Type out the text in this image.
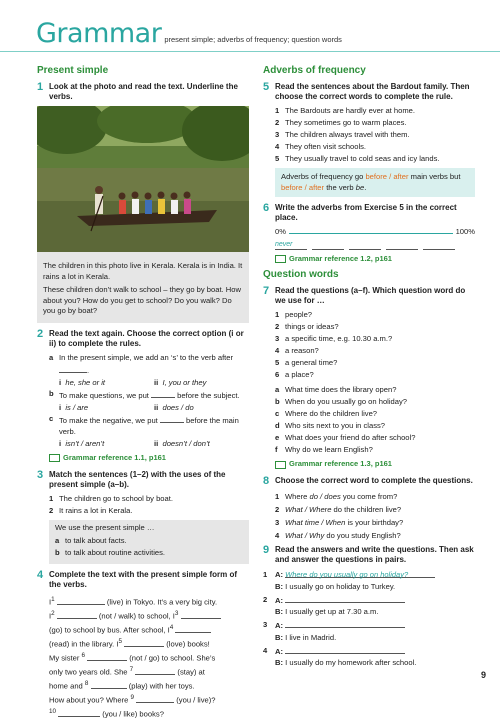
Grammar present simple; adverbs of frequency; question words
Present simple
1 Look at the photo and read the text. Underline the verbs.

The children in this photo live in Kerala. Kerala is in India. It rains a lot in Kerala.

These children don’t walk to school – they go by boat. How about you? How do you get to school? Do you walk? Do you go by boat?

2 Read the text again. Choose the correct option (i or ii) to complete the rules.
a In the present simple, we add an ‘s’ to the verb after .
i he, she or it	ii I, you or they
b To make questions, we put	before the subject.
i is / are	ii does / do
c To make the negative, we put	before the main verb.
i isn’t / aren’t	ii doesn’t / don’t
Grammar reference 1.1, p161
3 Match the sentences (1–2) with the uses of the present simple (a–b).
1 The children go to school by boat.
2 It rains a lot in Kerala.

We use the present simple …

a to talk about facts.
b to talk about routine activities.
4 Complete the text with the present simple form of the verbs.
$I^1$	(live) in Tokyo. It’s a very big city.
$I^2$	(not / walk) to school, $I^3$
(go) to school by bus. After school, $I^4$
(read) in the library. $I^5$	(love) books!
My sister $^6$	(not / go) to school. She’s
only two years old. She $^7$	(stay) at
home and $^8$	(play) with her toys.
How about you? Where $^9$	(you / live)?
$^{10}$	(you / like) books?
Adverbs of frequency
5 Read the sentences about the Bardout family. Then choose the correct words to complete the rule.
1 The Bardouts are hardly ever at home.
2 They sometimes go to warm places.
3 The children always travel with them.
4 They often visit schools.
5 They usually travel to cold seas and icy lands.
Adverbs of frequency go before / after main verbs but before / after the verb be.
6 Write the adverbs from Exercise 5 in the correct place.
0%	100%
never
Grammar reference 1.2, p161
Question words
7 Read the questions (a–f). Which question word do we use for …
1 people?
2 things or ideas?
3 a specific time, e.g. 10.30 a.m.?
4 a reason?
5 a general time?
6 a place?
a What time does the library open?
b When do you usually go on holiday?
c Where do the children live?
d Who sits next to you in class?
e What does your friend do after school?
f Why do we learn English?
Grammar reference 1.3, p161
8 Choose the correct word to complete the questions.
1 Where do / does you come from?
2 What / Where do the children live?
3 What time / When is your birthday?
4 What / Why do you study English?
9 Read the answers and write the questions. Then ask and answer the questions in pairs.
1	A: Where do you usually go on holiday?
B: I usually go on holiday to Turkey.
2	A:
B: I usually get up at 7.30 a.m.
3	A:
B: I live in Madrid.
4	A:
B: I usually do my homework after school.
9
